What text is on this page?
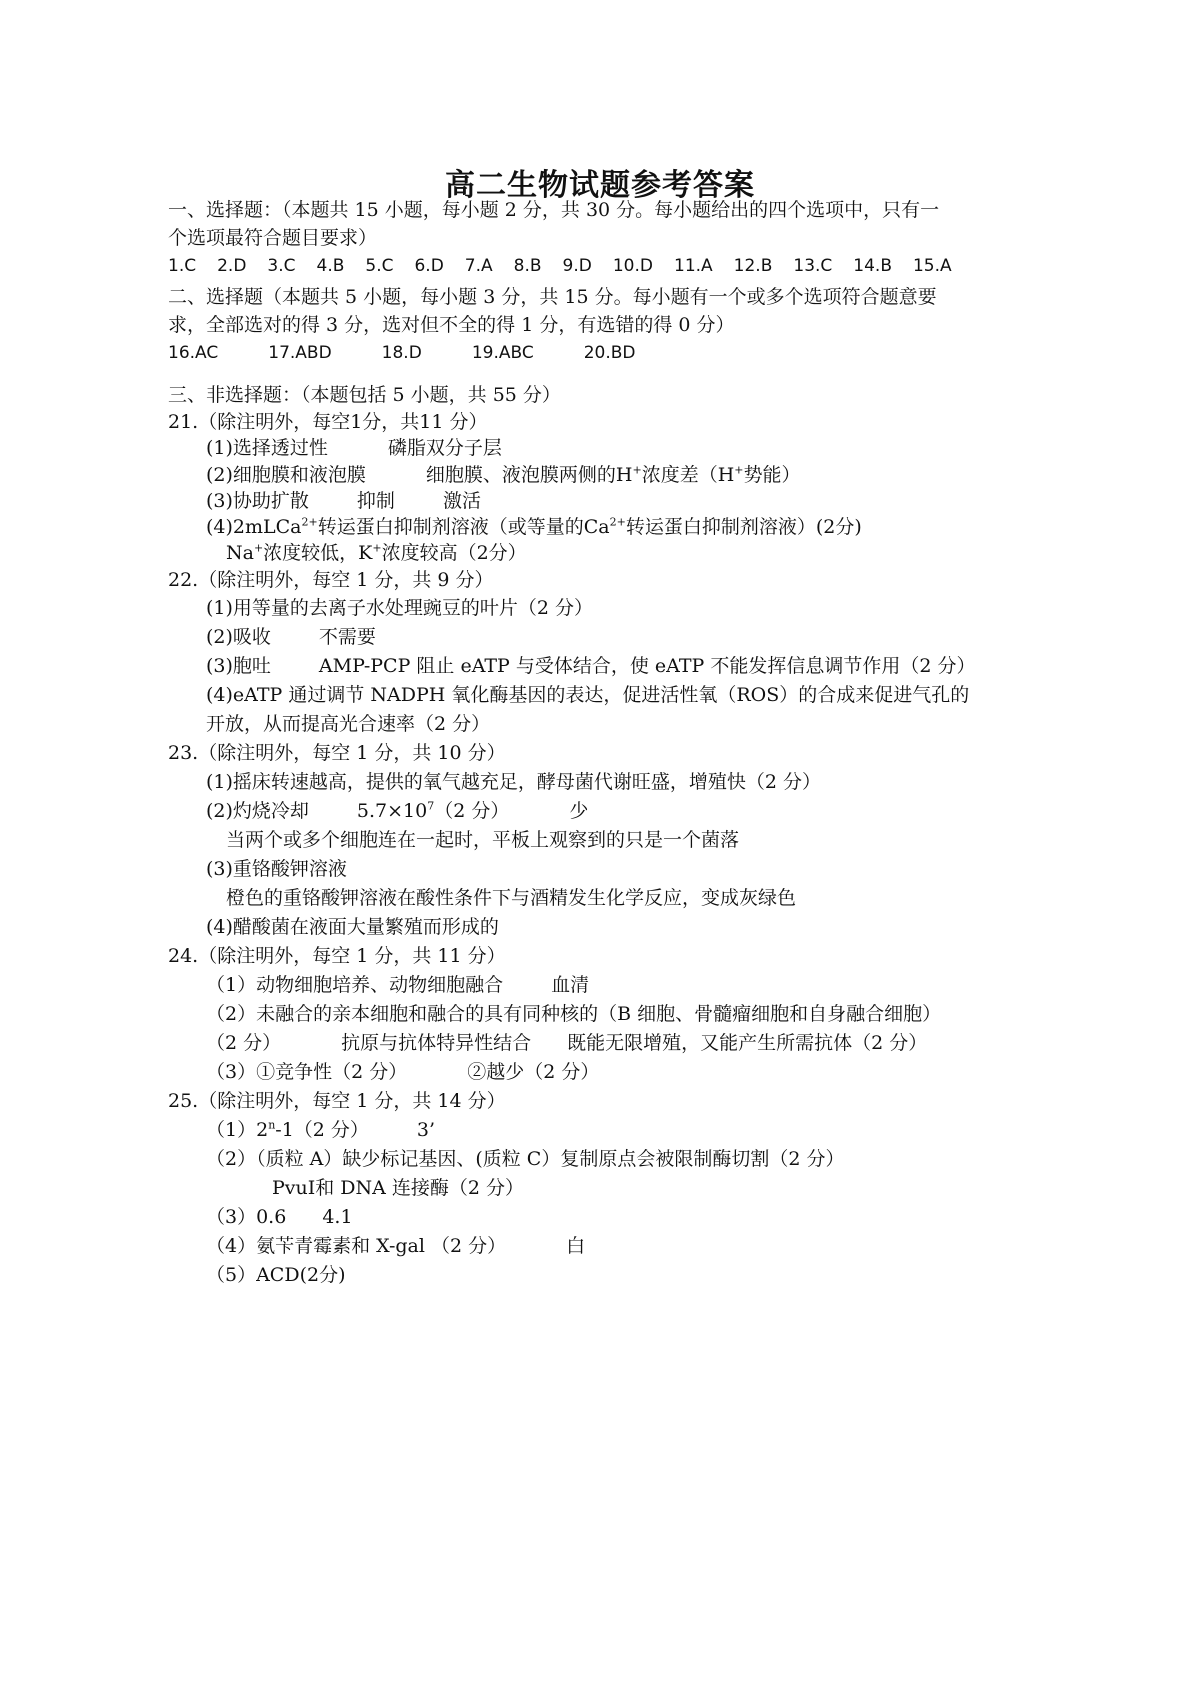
高二生物试题参考答案
一、选择题：（本题共 15 小题，每小题 2 分，共 30 分。每小题给出的四个选项中，只有一
个选项最符合题目要求）
1.C 2.D 3.C 4.B 5.C 6.D 7.A 8.B 9.D 10.D 11.A 12.B 13.C 14.B 15.A
二、选择题（本题共 5 小题，每小题 3 分，共 15 分。每小题有一个或多个选项符合题意要
求，全部选对的得 3 分，选对但不全的得 1 分，有选错的得 0 分）
16.AC	17.ABD	18.D	19.ABC	20.BD
三、非选择题：（本题包括 5 小题，共 55 分）
21.（除注明外，每空1分，共11 分）
(1)选择透过性	磷脂双分子层
(2)细胞膜和液泡膜	细胞膜、液泡膜两侧的H+浓度差（H+势能）
(3)协助扩散	抑制	激活
(4)2mLCa$^{2+}$转运蛋白抑制剂溶液（或等量的$Ca^{2+}$转运蛋白抑制剂溶液）(2分)
Na+浓度较低，K+浓度较高（2分）
22.（除注明外，每空 1 分，共 9 分）
(1)用等量的去离子水处理豌豆的叶片（2 分）
(2)吸收	不需要
(3)胞吐	AMP-PCP 阻止 eATP 与受体结合，使 eATP 不能发挥信息调节作用（2 分）
(4)eATP 通过调节 NADPH 氧化酶基因的表达，促进活性氧（ROS）的合成来促进气孔的
开放，从而提高光合速率（2 分）
23.（除注明外，每空 1 分，共 10 分）
(1)摇床转速越高，提供的氧气越充足，酵母菌代谢旺盛，增殖快（2 分）
(2)灼烧冷却	$5.7\times 10^7(2$ 分）	少
当两个或多个细胞连在一起时，平板上观察到的只是一个菌落
(3)重铬酸钾溶液
橙色的重铬酸钾溶液在酸性条件下与酒精发生化学反应，变成灰绿色
(4)醋酸菌在液面大量繁殖而形成的
24.（除注明外，每空 1 分，共 11 分）
（1）动物细胞培养、动物细胞融合	血清
（2）未融合的亲本细胞和融合的具有同种核的（B 细胞、骨髓瘤细胞和自身融合细胞）
（2 分）	抗原与抗体特异性结合 既能无限增殖，又能产生所需抗体（2 分）
（3）①竞争性（2 分）	②越少（2 分）
25.（除注明外，每空 1 分，共 14 分）
（1）2$^n$-1（2 分）	3’
（2）（质粒 A）缺少标记基因、(质粒 C）复制原点会被限制酶切割（2 分）
PvuⅠ和 DNA 连接酶（2 分）
（3）0.6 4.1
（4）氨苄青霉素和 X-gal （2 分）	白
（5）ACD(2分)
